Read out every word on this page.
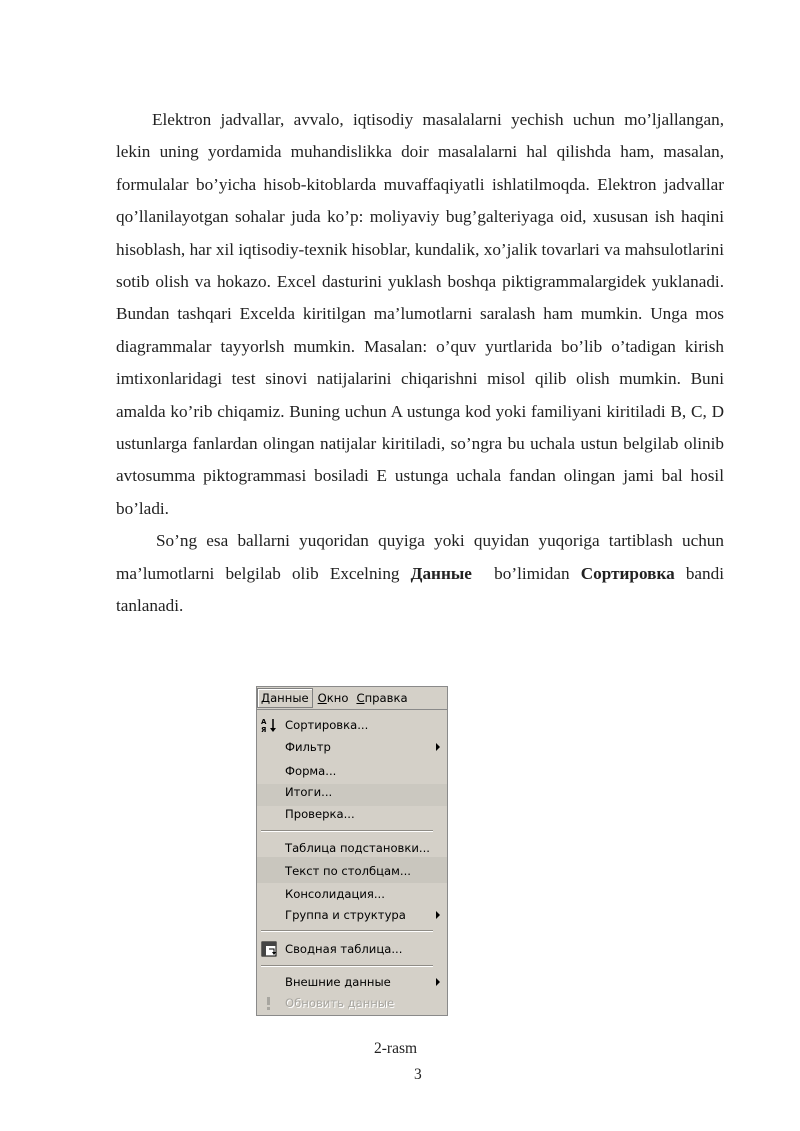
Elektron jadvallar, avvalo, iqtisodiy masalalarni yechish uchun mo’ljallangan, lekin uning yordamida muhandislikka doir masalalarni hal qilishda ham, masalan, formulalar bo’yicha hisob-kitoblarda muvaffaqiyatli ishlatilmoqda. Elektron jadvallar qo’llanilayotgan sohalar juda ko’p: moliyaviy bug’galteriyaga oid, xususan ish haqini hisoblash, har xil iqtisodiy-texnik hisoblar, kundalik, xo’jalik tovarlari va mahsulotlarini sotib olish va hokazo. Excel dasturini yuklash boshqa piktigrammalargidek yuklanadi. Bundan tashqari Excelda kiritilgan ma’lumotlarni saralash ham mumkin. Unga mos diagrammalar tayyorlsh mumkin. Masalan: o’quv yurtlarida bo’lib o’tadigan kirish imtixonlaridagi test sinovi natijalarini chiqarishni misol qilib olish mumkin. Buni amalda ko’rib chiqamiz. Buning uchun A ustunga kod yoki familiyani kiritiladi B, C, D ustunlarga fanlardan olingan natijalar kiritiladi, so’ngra bu uchala ustun belgilab olinib avtosumma piktogrammasi bosiladi E ustunga uchala fandan olingan jami bal hosil bo’ladi.

So’ng esa ballarni yuqoridan quyiga yoki quyidan yuqoriga tartiblash uchun ma’lumotlarni belgilab olib Excelning Данные  bo’limidan Сортировка bandi tanlanadi.

Данные Окно Справка
A
Я Сортировка...
Фильтр
Форма...
Итоги...
Проверка...
Таблица подстановки...
Текст по столбцам...
Консолидация...
Группа и структура
Сводная таблица...
Внешние данные
Обновить данные
2-rasm
3
